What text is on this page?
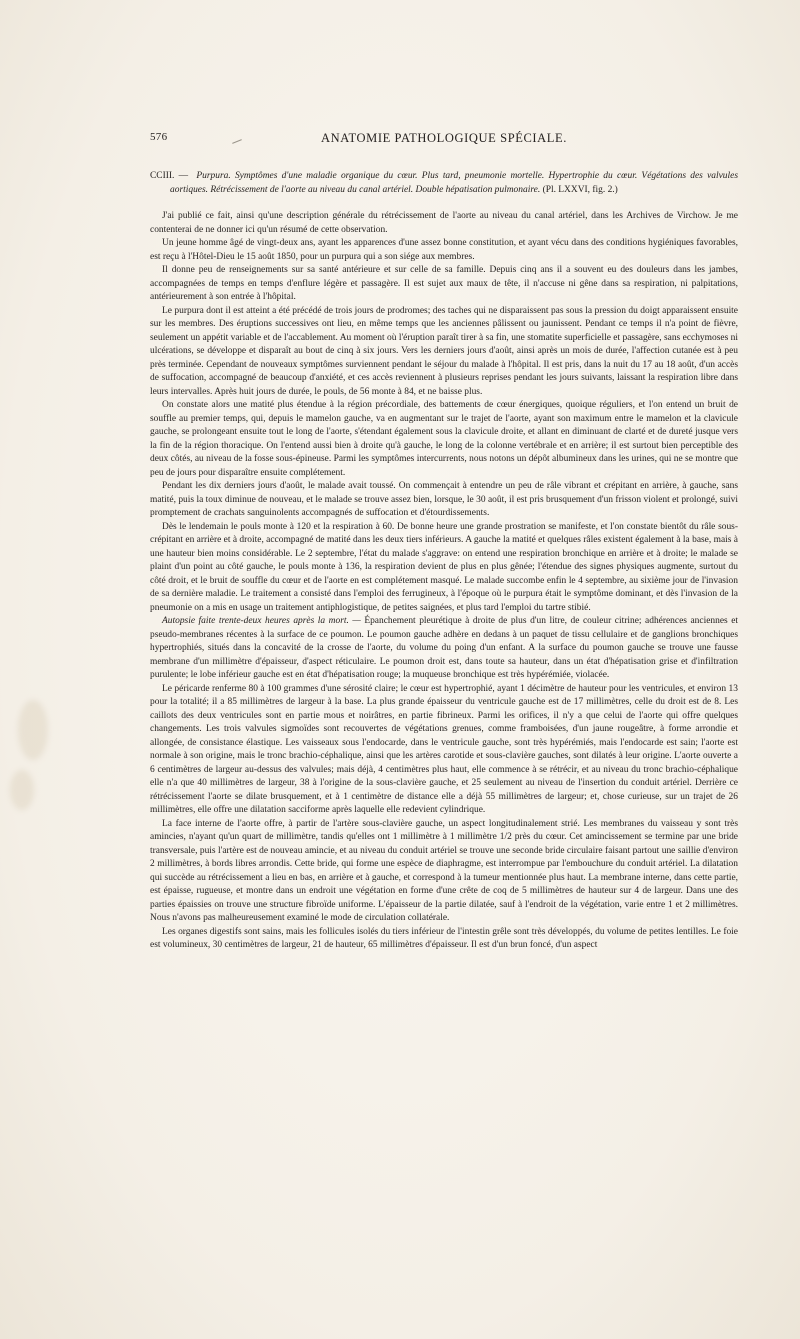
576	ANATOMIE PATHOLOGIQUE SPÉCIALE.

CCIII. — Purpura. Symptômes d'une maladie organique du cœur. Plus tard, pneumonie mortelle. Hypertrophie du cœur. Végétations des valvules aortiques. Rétrécissement de l'aorte au niveau du canal artériel. Double hépatisation pulmonaire. (Pl. LXXVI, fig. 2.)

J'ai publié ce fait, ainsi qu'une description générale du rétrécissement de l'aorte au niveau du canal artériel, dans les Archives de Virchow. Je me contenterai de ne donner ici qu'un résumé de cette observation.

Un jeune homme âgé de vingt-deux ans, ayant les apparences d'une assez bonne constitution, et ayant vécu dans des conditions hygiéniques favorables, est reçu à l'Hôtel-Dieu le 15 août 1850, pour un purpura qui a son siége aux membres.

Il donne peu de renseignements sur sa santé antérieure et sur celle de sa famille. Depuis cinq ans il a souvent eu des douleurs dans les jambes, accompagnées de temps en temps d'enflure légère et passagère. Il est sujet aux maux de tête, il n'accuse ni gêne dans sa respiration, ni palpitations, antérieurement à son entrée à l'hôpital.

Le purpura dont il est atteint a été précédé de trois jours de prodromes; des taches qui ne disparaissent pas sous la pression du doigt apparaissent ensuite sur les membres. Des éruptions successives ont lieu, en même temps que les anciennes pâlissent ou jaunissent. Pendant ce temps il n'a point de fièvre, seulement un appétit variable et de l'accablement. Au moment où l'éruption paraît tirer à sa fin, une stomatite superficielle et passagère, sans ecchymoses ni ulcérations, se développe et disparaît au bout de cinq à six jours. Vers les derniers jours d'août, ainsi après un mois de durée, l'affection cutanée est à peu près terminée. Cependant de nouveaux symptômes surviennent pendant le séjour du malade à l'hôpital. Il est pris, dans la nuit du 17 au 18 août, d'un accès de suffocation, accompagné de beaucoup d'anxiété, et ces accès reviennent à plusieurs reprises pendant les jours suivants, laissant la respiration libre dans leurs intervalles. Après huit jours de durée, le pouls, de 56 monte à 84, et ne baisse plus.

On constate alors une matité plus étendue à la région précordiale, des battements de cœur énergiques, quoique réguliers, et l'on entend un bruit de souffle au premier temps, qui, depuis le mamelon gauche, va en augmentant sur le trajet de l'aorte, ayant son maximum entre le mamelon et la clavicule gauche, se prolongeant ensuite tout le long de l'aorte, s'étendant également sous la clavicule droite, et allant en diminuant de clarté et de dureté jusque vers la fin de la région thoracique. On l'entend aussi bien à droite qu'à gauche, le long de la colonne vertébrale et en arrière; il est surtout bien perceptible des deux côtés, au niveau de la fosse sous-épineuse. Parmi les symptômes intercurrents, nous notons un dépôt albumineux dans les urines, qui ne se montre que peu de jours pour disparaître ensuite complétement.

Pendant les dix derniers jours d'août, le malade avait toussé. On commençait à entendre un peu de râle vibrant et crépitant en arrière, à gauche, sans matité, puis la toux diminue de nouveau, et le malade se trouve assez bien, lorsque, le 30 août, il est pris brusquement d'un frisson violent et prolongé, suivi promptement de crachats sanguinolents accompagnés de suffocation et d'étourdissements.

Dès le lendemain le pouls monte à 120 et la respiration à 60. De bonne heure une grande prostration se manifeste, et l'on constate bientôt du râle sous-crépitant en arrière et à droite, accompagné de matité dans les deux tiers inférieurs. A gauche la matité et quelques râles existent également à la base, mais à une hauteur bien moins considérable. Le 2 septembre, l'état du malade s'aggrave: on entend une respiration bronchique en arrière et à droite; le malade se plaint d'un point au côté gauche, le pouls monte à 136, la respiration devient de plus en plus gênée; l'étendue des signes physiques augmente, surtout du côté droit, et le bruit de souffle du cœur et de l'aorte en est complétement masqué. Le malade succombe enfin le 4 septembre, au sixième jour de l'invasion de sa dernière maladie. Le traitement a consisté dans l'emploi des ferrugineux, à l'époque où le purpura était le symptôme dominant, et dès l'invasion de la pneumonie on a mis en usage un traitement antiphlogistique, de petites saignées, et plus tard l'emploi du tartre stibié.

Autopsie faite trente-deux heures après la mort. — Épanchement pleurétique à droite de plus d'un litre, de couleur citrine; adhérences anciennes et pseudo-membranes récentes à la surface de ce poumon. Le poumon gauche adhère en dedans à un paquet de tissu cellulaire et de ganglions bronchiques hypertrophiés, situés dans la concavité de la crosse de l'aorte, du volume du poing d'un enfant. A la surface du poumon gauche se trouve une fausse membrane d'un millimètre d'épaisseur, d'aspect réticulaire. Le poumon droit est, dans toute sa hauteur, dans un état d'hépatisation grise et d'infiltration purulente; le lobe inférieur gauche est en état d'hépatisation rouge; la muqueuse bronchique est très hypérémiée, violacée.

Le péricarde renferme 80 à 100 grammes d'une sérosité claire; le cœur est hypertrophié, ayant 1 décimètre de hauteur pour les ventricules, et environ 13 pour la totalité; il a 85 millimètres de largeur à la base. La plus grande épaisseur du ventricule gauche est de 17 millimètres, celle du droit est de 8. Les caillots des deux ventricules sont en partie mous et noirâtres, en partie fibrineux. Parmi les orifices, il n'y a que celui de l'aorte qui offre quelques changements. Les trois valvules sigmoïdes sont recouvertes de végétations grenues, comme framboisées, d'un jaune rougeâtre, à forme arrondie et allongée, de consistance élastique. Les vaisseaux sous l'endocarde, dans le ventricule gauche, sont très hypérémiés, mais l'endocarde est sain; l'aorte est normale à son origine, mais le tronc brachio-céphalique, ainsi que les artères carotide et sous-clavière gauches, sont dilatés à leur origine. L'aorte ouverte a 6 centimètres de largeur au-dessus des valvules; mais déjà, 4 centimètres plus haut, elle commence à se rétrécir, et au niveau du tronc brachio-céphalique elle n'a que 40 millimètres de largeur, 38 à l'origine de la sous-clavière gauche, et 25 seulement au niveau de l'insertion du conduit artériel. Derrière ce rétrécissement l'aorte se dilate brusquement, et à 1 centimètre de distance elle a déjà 55 millimètres de largeur; et, chose curieuse, sur un trajet de 26 millimètres, elle offre une dilatation sacciforme après laquelle elle redevient cylindrique.

La face interne de l'aorte offre, à partir de l'artère sous-clavière gauche, un aspect longitudinalement strié. Les membranes du vaisseau y sont très amincies, n'ayant qu'un quart de millimètre, tandis qu'elles ont 1 millimètre à 1 millimètre 1/2 près du cœur. Cet amincissement se termine par une bride transversale, puis l'artère est de nouveau amincie, et au niveau du conduit artériel se trouve une seconde bride circulaire faisant partout une saillie d'environ 2 millimètres, à bords libres arrondis. Cette bride, qui forme une espèce de diaphragme, est interrompue par l'embouchure du conduit artériel. La dilatation qui succède au rétrécissement a lieu en bas, en arrière et à gauche, et correspond à la tumeur mentionnée plus haut. La membrane interne, dans cette partie, est épaisse, rugueuse, et montre dans un endroit une végétation en forme d'une crête de coq de 5 millimètres de hauteur sur 4 de largeur. Dans une des parties épaissies on trouve une structure fibroïde uniforme. L'épaisseur de la partie dilatée, sauf à l'endroit de la végétation, varie entre 1 et 2 millimètres. Nous n'avons pas malheureusement examiné le mode de circulation collatérale.

Les organes digestifs sont sains, mais les follicules isolés du tiers inférieur de l'intestin grêle sont très développés, du volume de petites lentilles. Le foie est volumineux, 30 centimètres de largeur, 21 de hauteur, 65 millimètres d'épaisseur. Il est d'un brun foncé, d'un aspect
